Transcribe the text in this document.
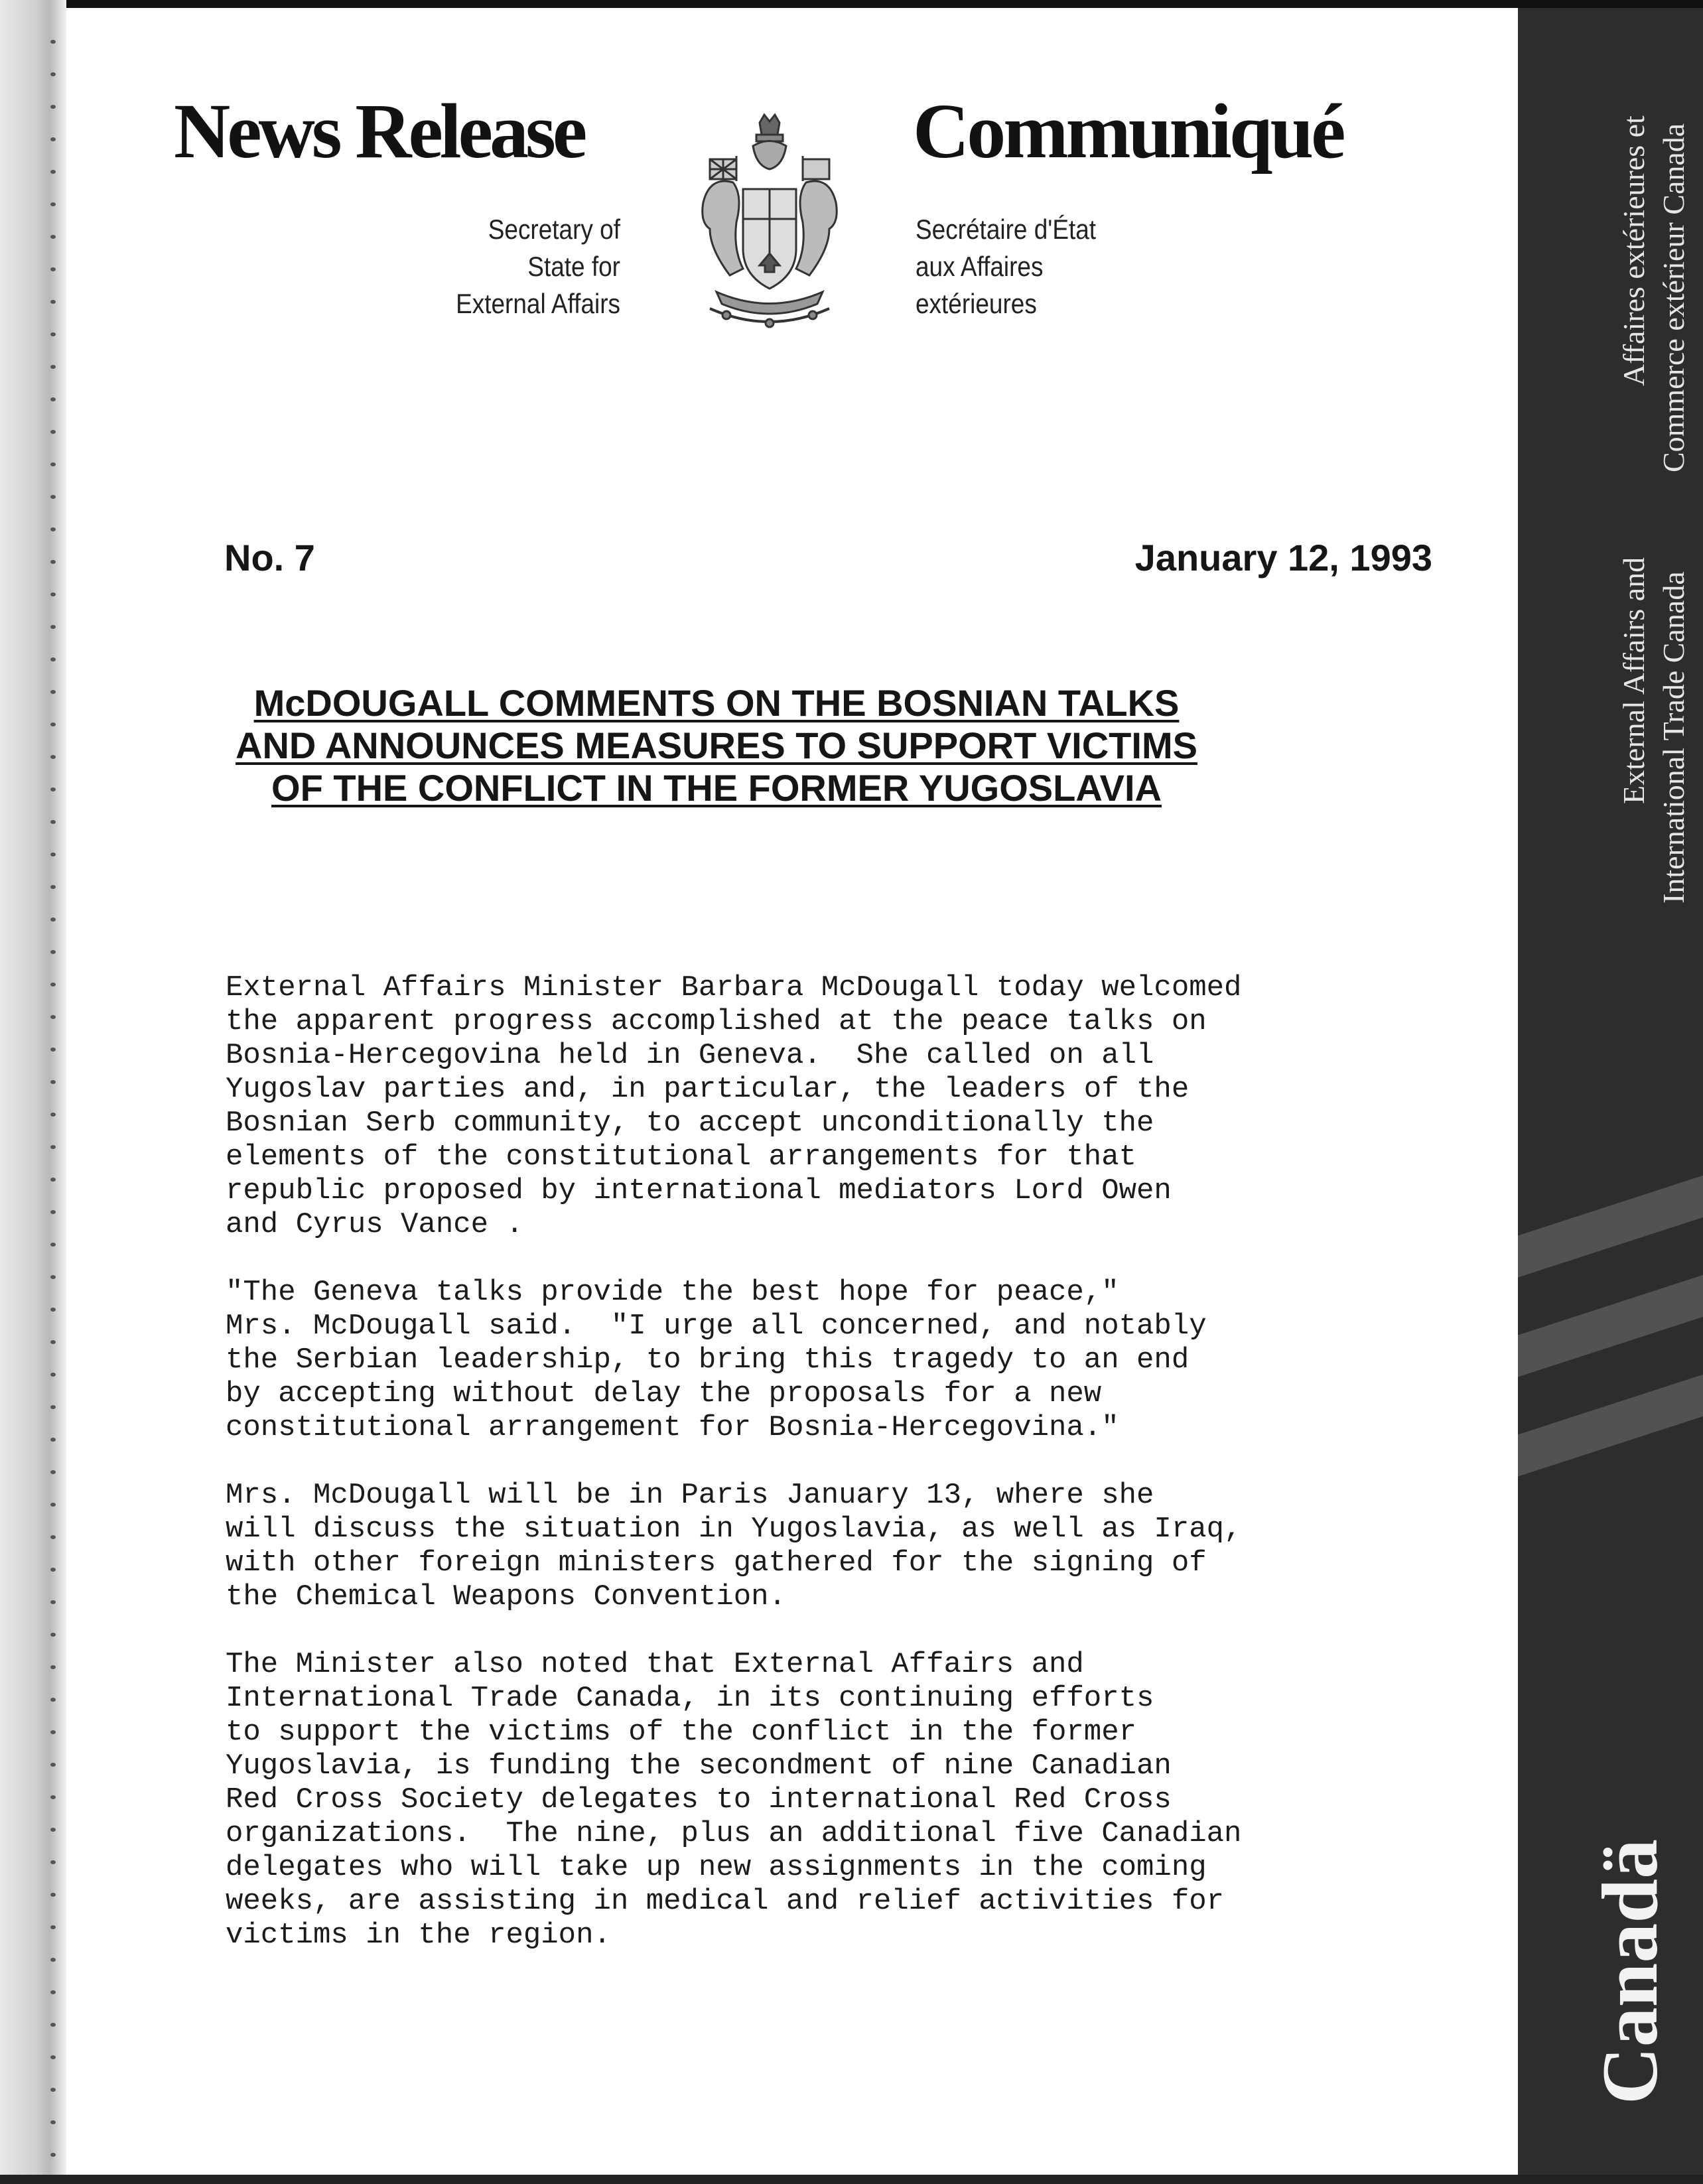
News Release	Communiqué
Secretary of
State for
External Affairs
Secrétaire d'État
aux Affaires
extérieures
No. 7	January 12, 1993
McDOUGALL COMMENTS ON THE BOSNIAN TALKS
AND ANNOUNCES MEASURES TO SUPPORT VICTIMS
OF THE CONFLICT IN THE FORMER YUGOSLAVIA

External Affairs Minister Barbara McDougall today welcomed
the apparent progress accomplished at the peace talks on
Bosnia-Hercegovina held in Geneva.  She called on all
Yugoslav parties and, in particular, the leaders of the
Bosnian Serb community, to accept unconditionally the
elements of the constitutional arrangements for that
republic proposed by international mediators Lord Owen
and Cyrus Vance .

"The Geneva talks provide the best hope for peace,"
Mrs. McDougall said.  "I urge all concerned, and notably
the Serbian leadership, to bring this tragedy to an end
by accepting without delay the proposals for a new
constitutional arrangement for Bosnia-Hercegovina."

Mrs. McDougall will be in Paris January 13, where she
will discuss the situation in Yugoslavia, as well as Iraq,
with other foreign ministers gathered for the signing of
the Chemical Weapons Convention.

The Minister also noted that External Affairs and
International Trade Canada, in its continuing efforts
to support the victims of the conflict in the former
Yugoslavia, is funding the secondment of nine Canadian
Red Cross Society delegates to international Red Cross
organizations.  The nine, plus an additional five Canadian
delegates who will take up new assignments in the coming
weeks, are assisting in medical and relief activities for
victims in the region.

Affaires extérieures et Commerce extérieur Canada
External Affairs and International Trade Canada
Canadä
